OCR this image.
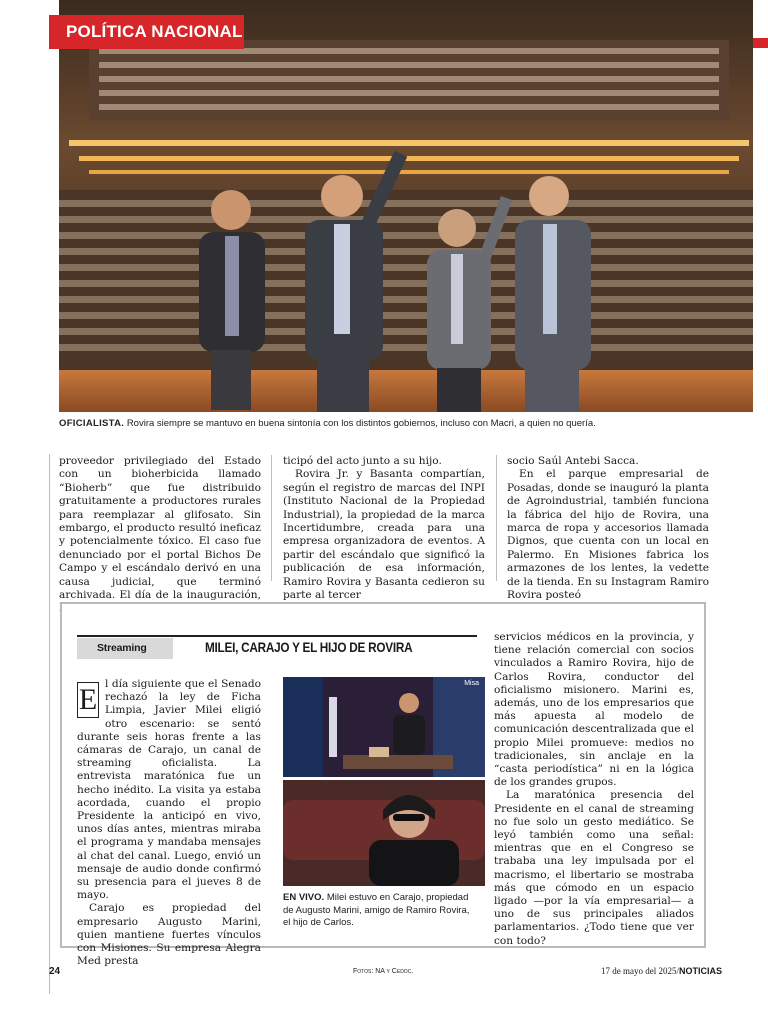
POLÍTICA NACIONAL
OFICIALISTA. Rovira siempre se mantuvo en buena sintonía con los distintos gobiernos, incluso con Macri, a quien no quería.

proveedor privilegiado del Estado con un bioherbicida llamado “Bioherb” que fue distribuido gratuitamente a productores rurales para reemplazar al glifosato. Sin embargo, el producto resultó ineficaz y potencialmente tóxico. El caso fue denunciado por el portal Bichos De Campo y el escándalo derivó en una causa judicial, que terminó archivada. El día de la inauguración,

ticipó del acto junto a su hijo.

Rovira Jr. y Basanta compartían, según el registro de marcas del INPI (Instituto Nacional de la Propiedad Industrial), la propiedad de la marca Incertidumbre, creada para una empresa organizadora de eventos. A partir del escándalo que significó la publicación de esa información, Ramiro Rovira y Basanta cedieron su parte al tercer

socio Saúl Antebi Sacca.

En el parque empresarial de Posadas, donde se inauguró la planta de Agroindustrial, también funciona la fábrica del hijo de Rovira, una marca de ropa y accesorios llamada Dignos, que cuenta con un local en Palermo. En Misiones fabrica los armazones de los lentes, la vedette de la tienda. En su Instagram Ramiro Rovira posteó

Streaming	MILEI, CARAJO Y EL HIJO DE ROVIRA

E l día siguiente que el Senado rechazó la ley de Ficha Limpia, Javier Milei eligió otro escenario: se sentó durante seis horas frente a las cámaras de Carajo, un canal de streaming oficialista. La entrevista maratónica fue un hecho inédito. La visita ya estaba acordada, cuando el propio Presidente la anticipó en vivo, unos días antes, mientras miraba el programa y mandaba mensajes al chat del canal. Luego, envió un mensaje de audio donde confirmó su presencia para el jueves 8 de mayo.

Carajo es propiedad del empresario Augusto Marini, quien mantiene fuertes vínculos con Misiones. Su empresa Alegra Med presta

Misa
EN VIVO. Milei estuvo en Carajo, propiedad de Augusto Marini, amigo de Ramiro Rovira, el hijo de Carlos.

servicios médicos en la provincia, y tiene relación comercial con socios vinculados a Ramiro Rovira, hijo de Carlos Rovira, conductor del oficialismo misionero. Marini es, además, uno de los empresarios que más apuesta al modelo de comunicación descentralizada que el propio Milei promueve: medios no tradicionales, sin anclaje en la “casta periodística” ni en la lógica de los grandes grupos.

La maratónica presencia del Presidente en el canal de streaming no fue solo un gesto mediático. Se leyó también como una señal: mientras que en el Congreso se trababa una ley impulsada por el macrismo, el libertario se mostraba más que cómodo en un espacio ligado —por la vía empresarial— a uno de sus principales aliados parlamentarios. ¿Todo tiene que ver con todo?

24	Fotos: NA y Cedoc.	17 de mayo del 2025/NOTICIAS
